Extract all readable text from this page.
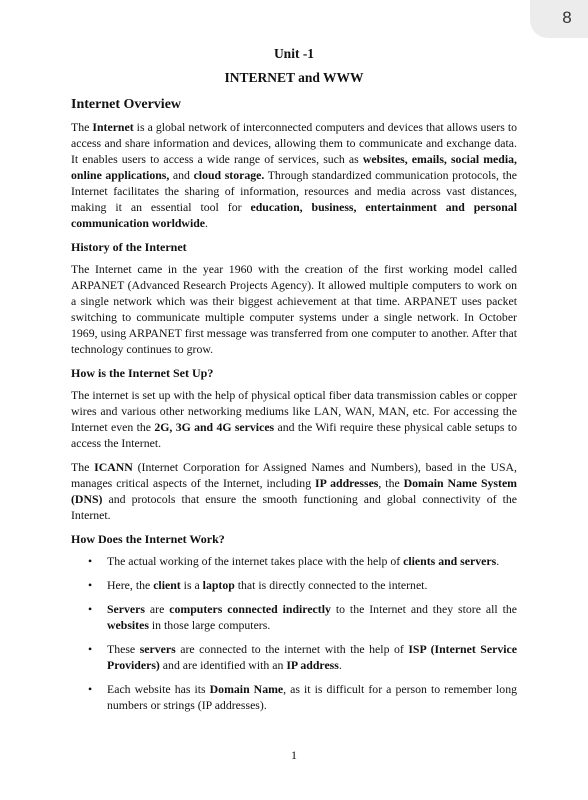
8
Unit -1
INTERNET and WWW
Internet Overview

The Internet is a global network of interconnected computers and devices that allows users to access and share information and devices, allowing them to communicate and exchange data. It enables users to access a wide range of services, such as websites, emails, social media, online applications, and cloud storage. Through standardized communication protocols, the Internet facilitates the sharing of information, resources and media across vast distances, making it an essential tool for education, business, entertainment and personal communication worldwide.

History of the Internet

The Internet came in the year 1960 with the creation of the first working model called ARPANET (Advanced Research Projects Agency). It allowed multiple computers to work on a single network which was their biggest achievement at that time. ARPANET uses packet switching to communicate multiple computer systems under a single network. In October 1969, using ARPANET first message was transferred from one computer to another. After that technology continues to grow.

How is the Internet Set Up?

The internet is set up with the help of physical optical fiber data transmission cables or copper wires and various other networking mediums like LAN, WAN, MAN, etc. For accessing the Internet even the 2G, 3G and 4G services and the Wifi require these physical cable setups to access the Internet.

The ICANN (Internet Corporation for Assigned Names and Numbers), based in the USA, manages critical aspects of the Internet, including IP addresses, the Domain Name System (DNS) and protocols that ensure the smooth functioning and global connectivity of the Internet.

How Does the Internet Work?
• The actual working of the internet takes place with the help of clients and servers.
• Here, the client is a laptop that is directly connected to the internet.
• Servers are computers connected indirectly to the Internet and they store all the websites in those large computers.
• These servers are connected to the internet with the help of ISP (Internet Service Providers) and are identified with an IP address.
• Each website has its Domain Name, as it is difficult for a person to remember long numbers or strings (IP addresses).
1
